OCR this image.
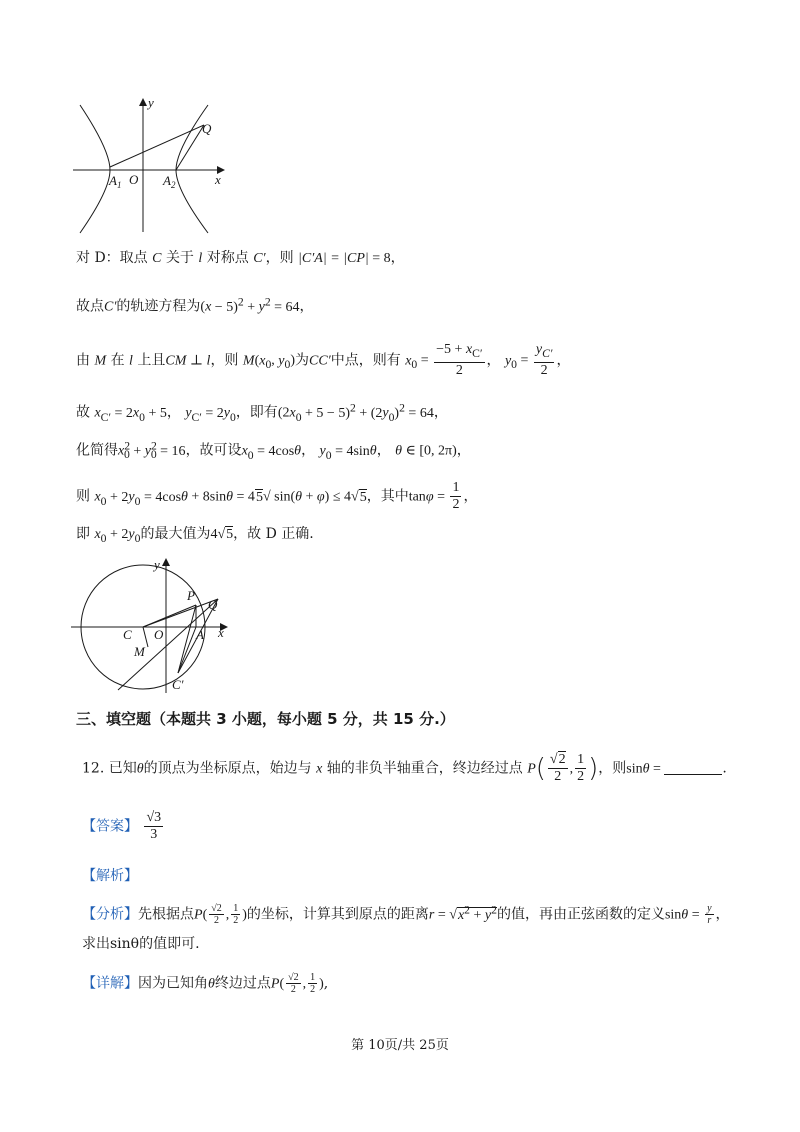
y
x
Q
$A_1$ O $A_2$
对 D：取点 C 关于 l 对称点 C′，则 |C′A| = |CP| = 8，
故点C′的轨迹方程为$(x - 5)^2 + y^2 = 64$，
由 M 在 l 上且CM ⊥ l，则 $M(x_0$, $y_0$)为CC′中点，则有 $x_0 = \frac{-5 + x_{C'}}{2}$ ， $y_0 = \frac{y_{C'}}{2}$ ，
故 $x_{C'} = 2x_0 + 5$， $y_{C'} = 2y_0$，即有$(2x_0 + 5 - 5)^2 + (2y_0)^2 = 64$，
化简得$x^2_0 + y^2_0 = 16$，故可设$x_0 = 4\cos\theta$， $y_0 = 4\sin\theta$， θ ∈ [0, 2π)，
则 $x_0 + 2y_0 = 4\cos\theta + 8\sin\theta = 45√$ sin(θ + φ) ≤ 4√5，其中$\tan\varphi = \frac{1}{2}$ ，
即 $x_0 + 2y_0$的最大值为4√5，故 D 正确.
y
x
P
Q
C O	A
M
C′
三、填空题（本题共 3 小题，每小题 5 分，共 15 分.）
12. 已知θ的顶点为坐标原点，始边与 x 轴的非负半轴重合，终边经过点 $P( \frac{√2}{2}$ , $\frac{1}{2}$ )，则sinθ =	.
【答案】 $\frac{√3}{3}$
【解析】
【分析】先根据点$P( \frac{√2}{2}$ , $\frac{1}{2}$ )的坐标，计算其到原点的距离$r = √x^2 + y^2$的值，再由正弦函数的定义$\sin\theta = \frac{y}{r}$ ，
求出sinθ的值即可.
【详解】因为已知角θ终边过点$P( \frac{√2}{2}$ , $\frac{1}{2}$ ),
第 10页/共 25页
